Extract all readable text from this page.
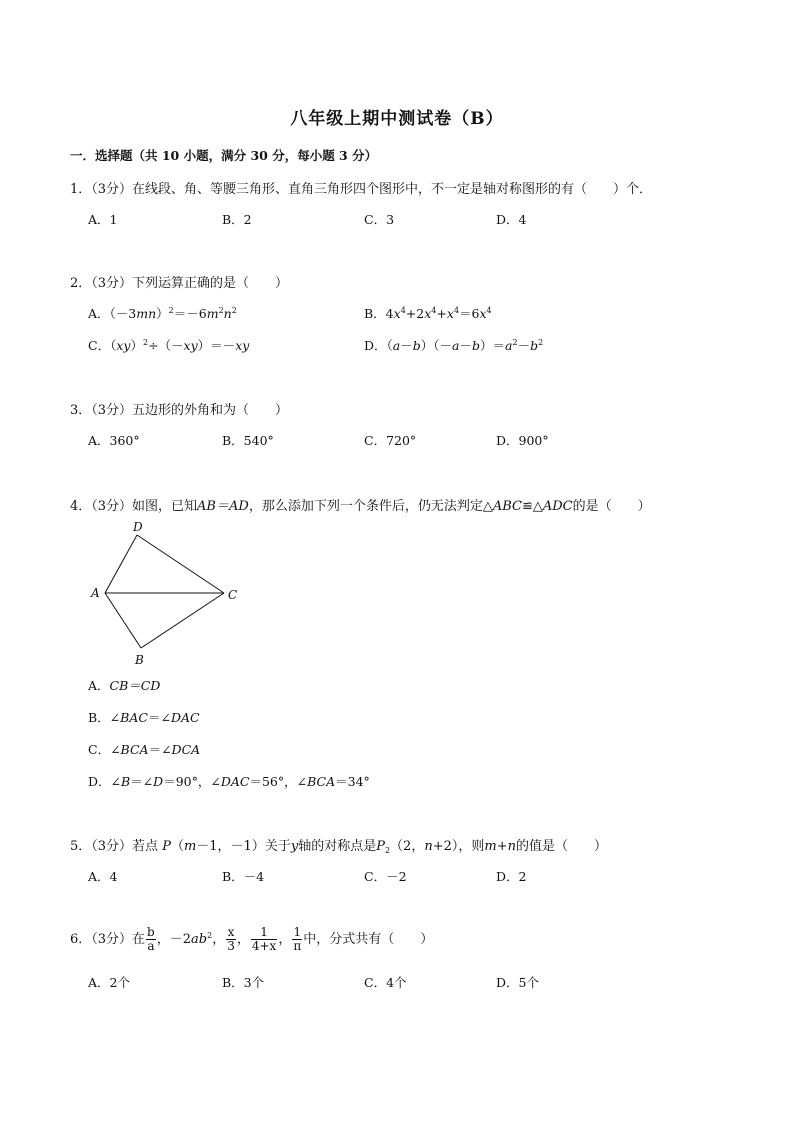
八年级上期中测试卷（B）
一．选择题（共 10 小题，满分 30 分，每小题 3 分）
1．（3分）在线段、角、等腰三角形、直角三角形四个图形中，不一定是轴对称图形的有（　　）个．
A．1	B．2	C．3	D．4
2．（3分）下列运算正确的是（　　）
A．$(-3mn)^2=-6m^2n^2$	B．$4x^4+2x^4+x^4=6x^4$
C．（xy）$^2$÷（－xy）＝－xy	D．$(a-b)(-a-b)=a^2-b^2$
3．（3分）五边形的外角和为（　　）
A．360°	B．540°	C．720°	D．900°
4．（3分）如图，已知AB＝AD，那么添加下列一个条件后，仍无法判定△ABC≌△ADC的是（　　）
D
A	C
B
A．CB＝CD
B．∠BAC＝∠DAC
C．∠BCA＝∠DCA
D．∠B＝∠D＝90°，∠DAC＝56°，∠BCA＝34°
5．（3分）若点 P（m－1，－1）关于y轴的对称点是$P_2(2$，n+2），则m+n的值是（　　）
A．4	B．－4	C．－2	D．2
6．（3分）在 $\frac{b}{a}$ ，$-2ab^2$， $\frac{x}{3}$ ， $\frac{1}{4+x}$ ， $\frac{1}{\pi}$ 中，分式共有（　　）
A．2个	B．3个	C．4个	D．5个
